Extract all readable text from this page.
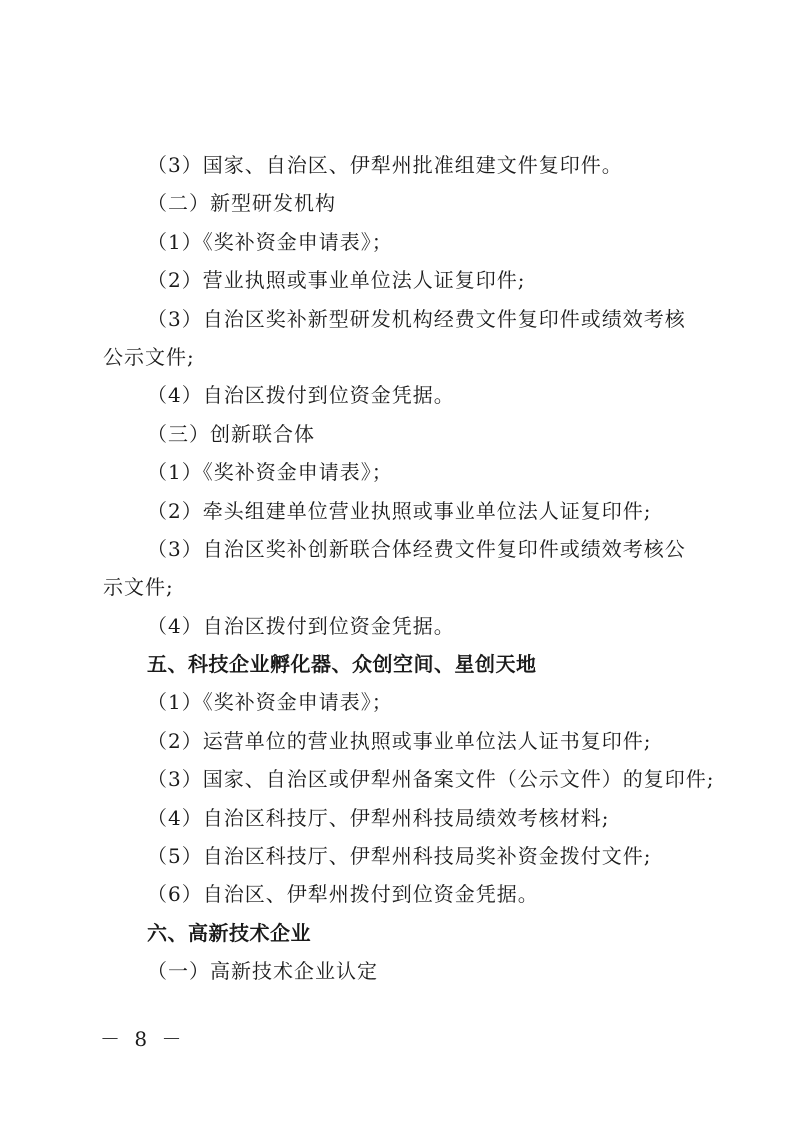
（3）国家、自治区、伊犁州批准组建文件复印件。
（二）新型研发机构
（1）《奖补资金申请表》；
（2）营业执照或事业单位法人证复印件;
（3）自治区奖补新型研发机构经费文件复印件或绩效考核
公示文件;
（4）自治区拨付到位资金凭据。
（三）创新联合体
（1）《奖补资金申请表》；
（2）牵头组建单位营业执照或事业单位法人证复印件;
（3）自治区奖补创新联合体经费文件复印件或绩效考核公
示文件;
（4）自治区拨付到位资金凭据。
五、科技企业孵化器、众创空间、星创天地
（1）《奖补资金申请表》；
（2）运营单位的营业执照或事业单位法人证书复印件;
（3）国家、自治区或伊犁州备案文件（公示文件）的复印件;
（4）自治区科技厅、伊犁州科技局绩效考核材料;
（5）自治区科技厅、伊犁州科技局奖补资金拨付文件;
（6）自治区、伊犁州拨付到位资金凭据。
六、高新技术企业
（一）高新技术企业认定
－ 8 －
